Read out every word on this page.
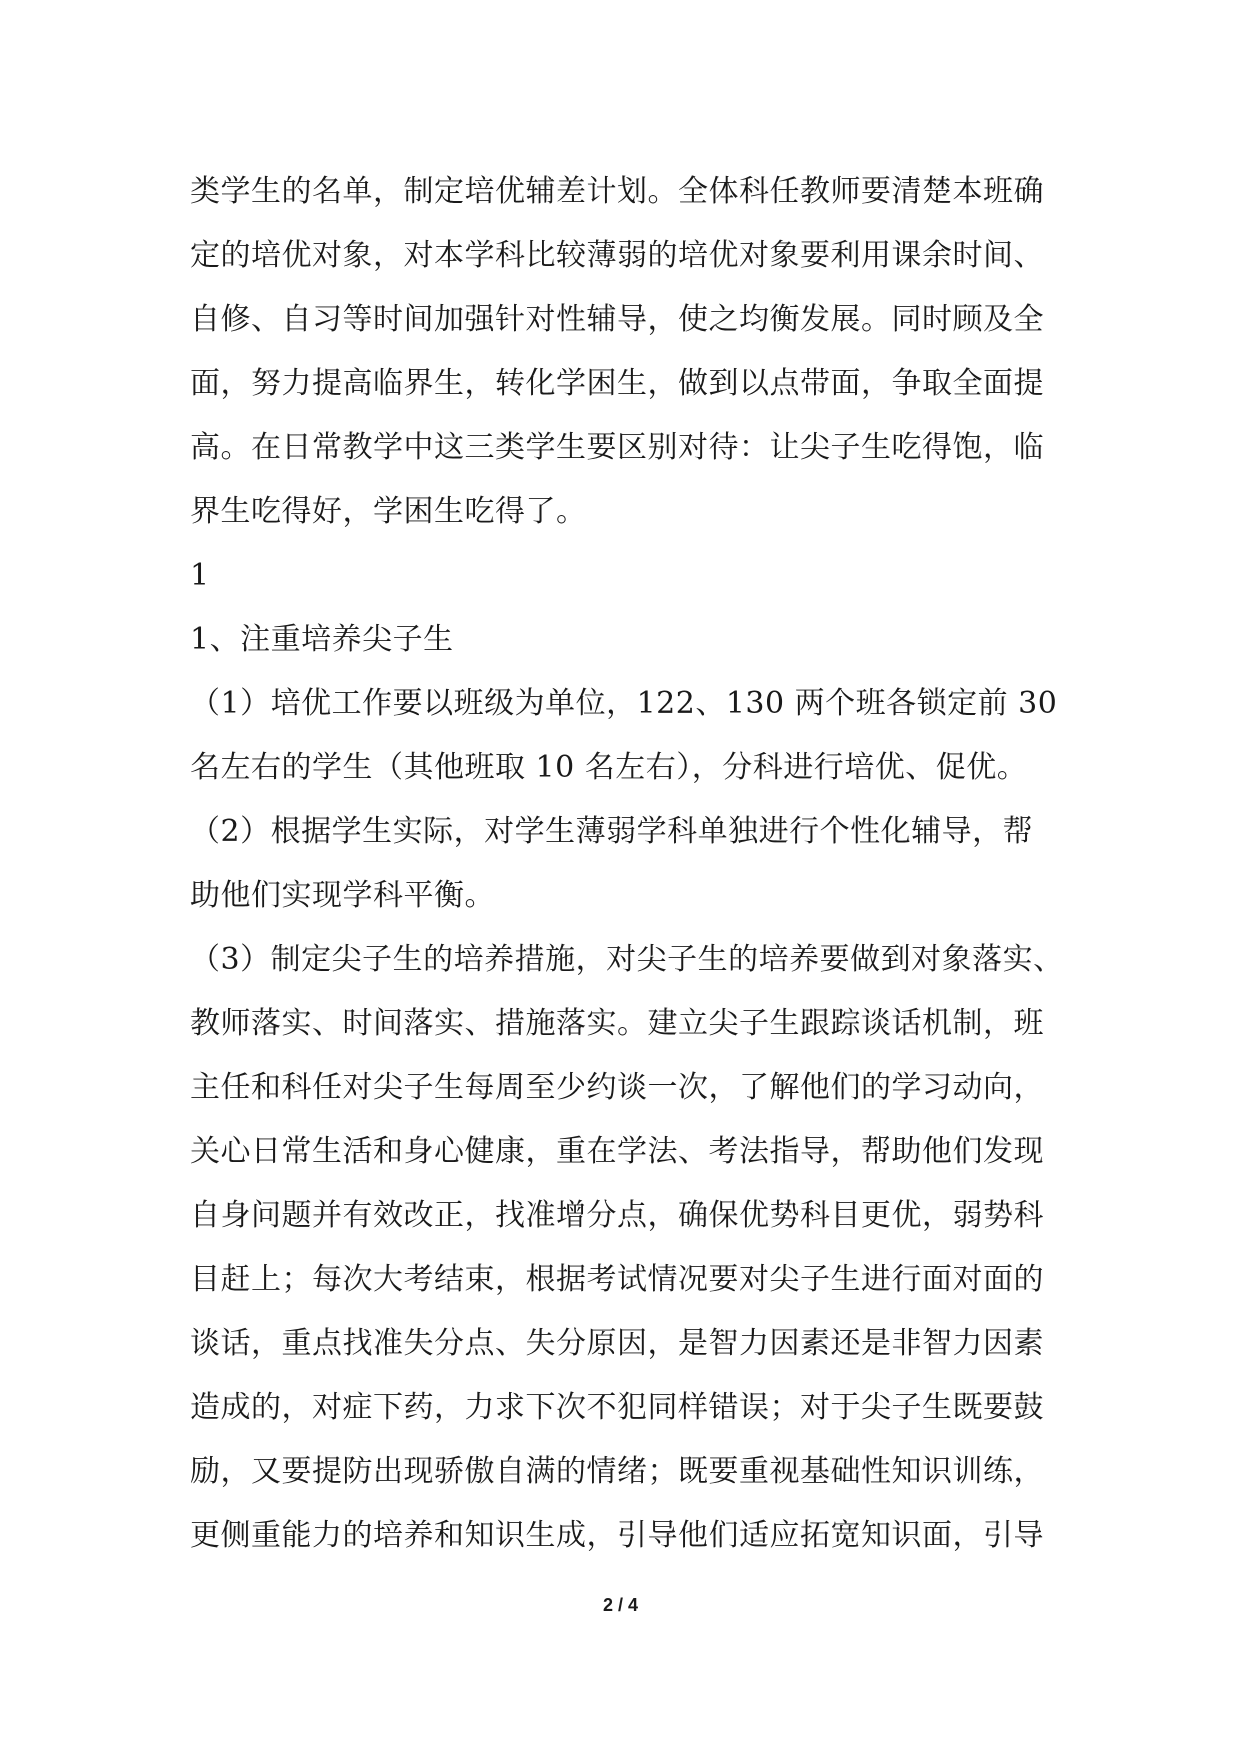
类学生的名单，制定培优辅差计划。全体科任教师要清楚本班确
定的培优对象，对本学科比较薄弱的培优对象要利用课余时间、
自修、自习等时间加强针对性辅导，使之均衡发展。同时顾及全
面，努力提高临界生，转化学困生，做到以点带面，争取全面提
高。在日常教学中这三类学生要区别对待：让尖子生吃得饱，临
界生吃得好，学困生吃得了。
1
1、注重培养尖子生
（1）培优工作要以班级为单位，122、130 两个班各锁定前 30
名左右的学生（其他班取 10 名左右），分科进行培优、促优。
（2）根据学生实际，对学生薄弱学科单独进行个性化辅导，帮
助他们实现学科平衡。
（3）制定尖子生的培养措施，对尖子生的培养要做到对象落实、
教师落实、时间落实、措施落实。建立尖子生跟踪谈话机制，班
主任和科任对尖子生每周至少约谈一次，了解他们的学习动向，
关心日常生活和身心健康，重在学法、考法指导，帮助他们发现
自身问题并有效改正，找准增分点，确保优势科目更优，弱势科
目赶上；每次大考结束，根据考试情况要对尖子生进行面对面的
谈话，重点找准失分点、失分原因，是智力因素还是非智力因素
造成的，对症下药，力求下次不犯同样错误；对于尖子生既要鼓
励，又要提防出现骄傲自满的情绪；既要重视基础性知识训练，
更侧重能力的培养和知识生成，引导他们适应拓宽知识面，引导
2 / 4
